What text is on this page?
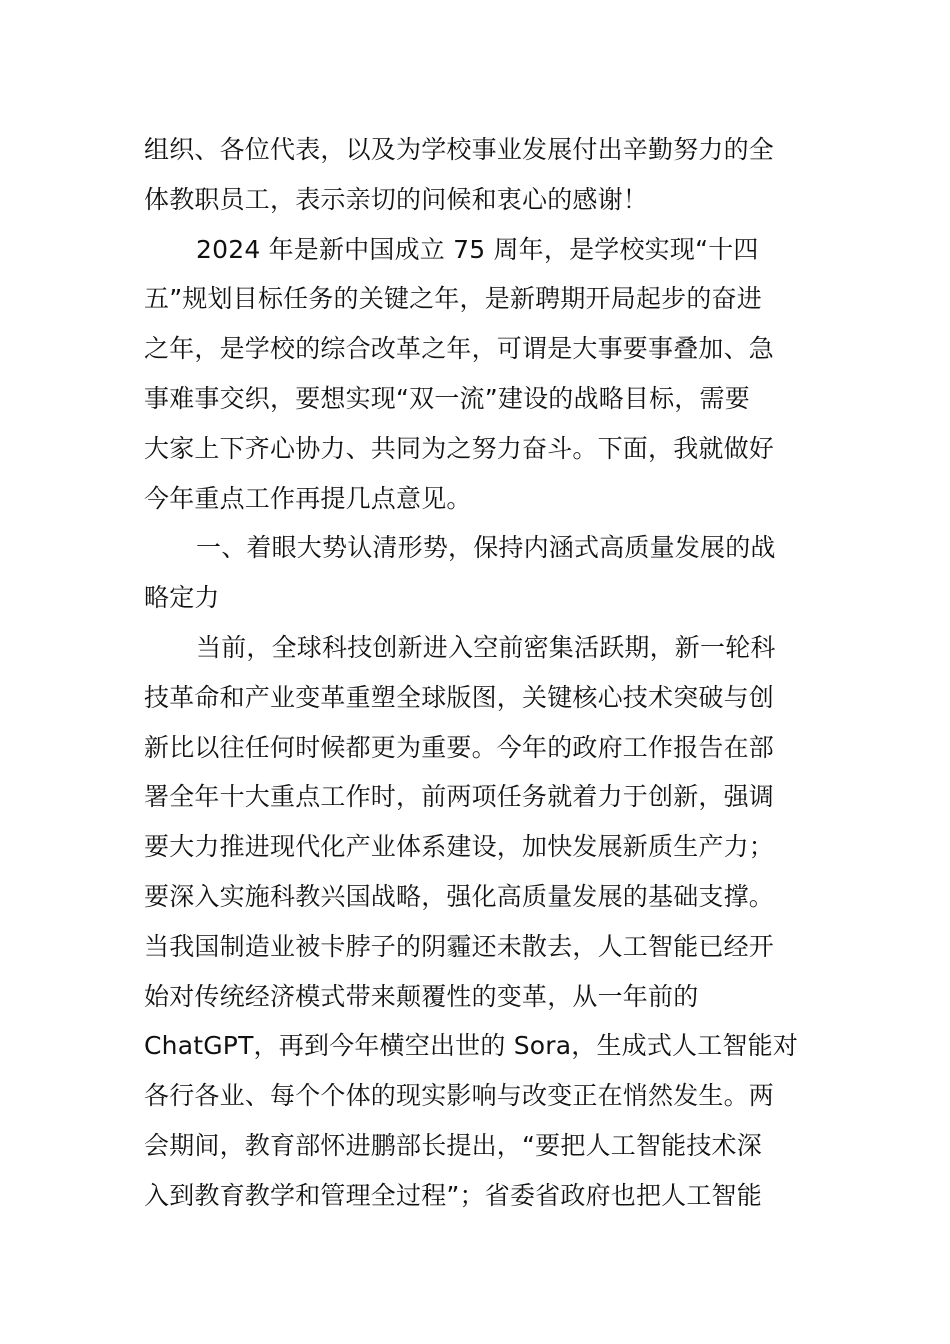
组织、各位代表，以及为学校事业发展付出辛勤努力的全

体教职员工，表示亲切的问候和衷心的感谢！

2024 年是新中国成立 75 周年，是学校实现“十四

五”规划目标任务的关键之年，是新聘期开局起步的奋进

之年，是学校的综合改革之年，可谓是大事要事叠加、急

事难事交织，要想实现“双一流”建设的战略目标，需要

大家上下齐心协力、共同为之努力奋斗。下面，我就做好

今年重点工作再提几点意见。

一、着眼大势认清形势，保持内涵式高质量发展的战

略定力

当前，全球科技创新进入空前密集活跃期，新一轮科

技革命和产业变革重塑全球版图，关键核心技术突破与创

新比以往任何时候都更为重要。今年的政府工作报告在部

署全年十大重点工作时，前两项任务就着力于创新，强调

要大力推进现代化产业体系建设，加快发展新质生产力；

要深入实施科教兴国战略，强化高质量发展的基础支撑。

当我国制造业被卡脖子的阴霾还未散去，人工智能已经开

始对传统经济模式带来颠覆性的变革，从一年前的

ChatGPT，再到今年横空出世的 Sora，生成式人工智能对

各行各业、每个个体的现实影响与改变正在悄然发生。两

会期间，教育部怀进鹏部长提出，“要把人工智能技术深

入到教育教学和管理全过程”；省委省政府也把人工智能
